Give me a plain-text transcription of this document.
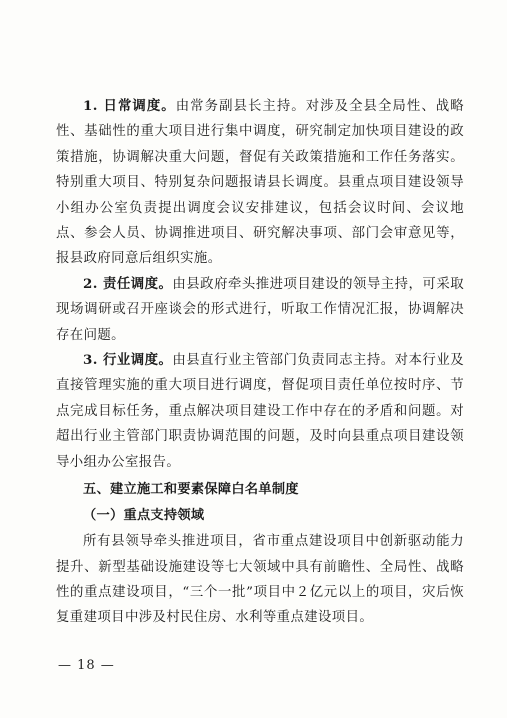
1. 日常调度。由常务副县长主持。对涉及全县全局性、战略性、基础性的重大项目进行集中调度，研究制定加快项目建设的政策措施，协调解决重大问题，督促有关政策措施和工作任务落实。特别重大项目、特别复杂问题报请县长调度。县重点项目建设领导小组办公室负责提出调度会议安排建议，包括会议时间、会议地点、参会人员、协调推进项目、研究解决事项、部门会审意见等，报县政府同意后组织实施。

2. 责任调度。由县政府牵头推进项目建设的领导主持，可采取现场调研或召开座谈会的形式进行，听取工作情况汇报，协调解决存在问题。

3. 行业调度。由县直行业主管部门负责同志主持。对本行业及直接管理实施的重大项目进行调度，督促项目责任单位按时序、节点完成目标任务，重点解决项目建设工作中存在的矛盾和问题。对超出行业主管部门职责协调范围的问题，及时向县重点项目建设领导小组办公室报告。

五、建立施工和要素保障白名单制度

（一）重点支持领域

所有县领导牵头推进项目，省市重点建设项目中创新驱动能力提升、新型基础设施建设等七大领域中具有前瞻性、全局性、战略性的重点建设项目，“三个一批”项目中２亿元以上的项目，灾后恢复重建项目中涉及村民住房、水利等重点建设项目。

— 18 —
